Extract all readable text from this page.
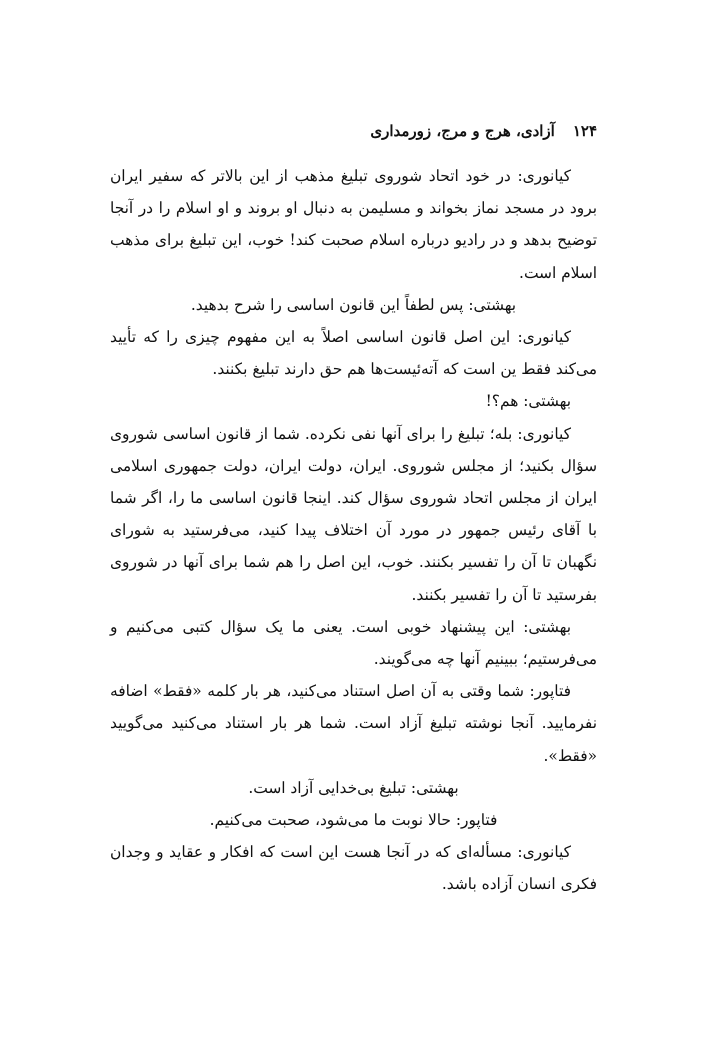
۱۲۴
آزادی، هرج و مرج، زورمداری

کیانوری: در خود اتحاد شوروی تبلیغ مذهب از این بالاتر که سفیر ایران برود در مسجد نماز بخواند و مسلیمن به دنبال او بروند و او اسلام را در آنجا توضیح بدهد و در رادیو درباره اسلام صحبت کند! خوب، این تبلیغ برای مذهب اسلام است.

بهشتی: پس لطفاً این قانون اساسی را شرح بدهید.

کیانوری: این اصل قانون اساسی اصلاً به این مفهوم چیزی را که تأیید می‌کند فقط ین است که آته‌ئیست‌ها هم حق دارند تبلیغ بکنند.

بهشتی: هم؟!

کیانوری: بله؛ تبلیغ را برای آنها نفی نکرده. شما از قانون اساسی شوروی سؤال بکنید؛ از مجلس شوروی. ایران، دولت ایران، دولت جمهوری اسلامی ایران از مجلس اتحاد شوروی سؤال کند. اینجا قانون اساسی ما را، اگر شما با آقای رئیس جمهور در مورد آن اختلاف پیدا کنید، می‌فرستید به شورای نگهبان تا آن را تفسیر بکنند. خوب، این اصل را هم شما برای آنها در شوروی بفرستید تا آن را تفسیر بکنند.

بهشتی: این پیشنهاد خوبی است. یعنی ما یک سؤال کتبی می‌کنیم و می‌فرستیم؛ ببینیم آنها چه می‌گویند.

فتاپور: شما وقتی به آن اصل استناد می‌کنید، هر بار کلمه «فقط» اضافه نفرمایید. آنجا نوشته تبلیغ آزاد است. شما هر بار استناد می‌کنید می‌گویید «فقط».

بهشتی: تبلیغ بی‌خدایی آزاد است.

فتاپور: حالا نوبت ما می‌شود، صحبت می‌کنیم.

کیانوری: مسأله‌ای که در آنجا هست این است که افکار و عقاید و وجدان فکری انسان آزاده باشد.
